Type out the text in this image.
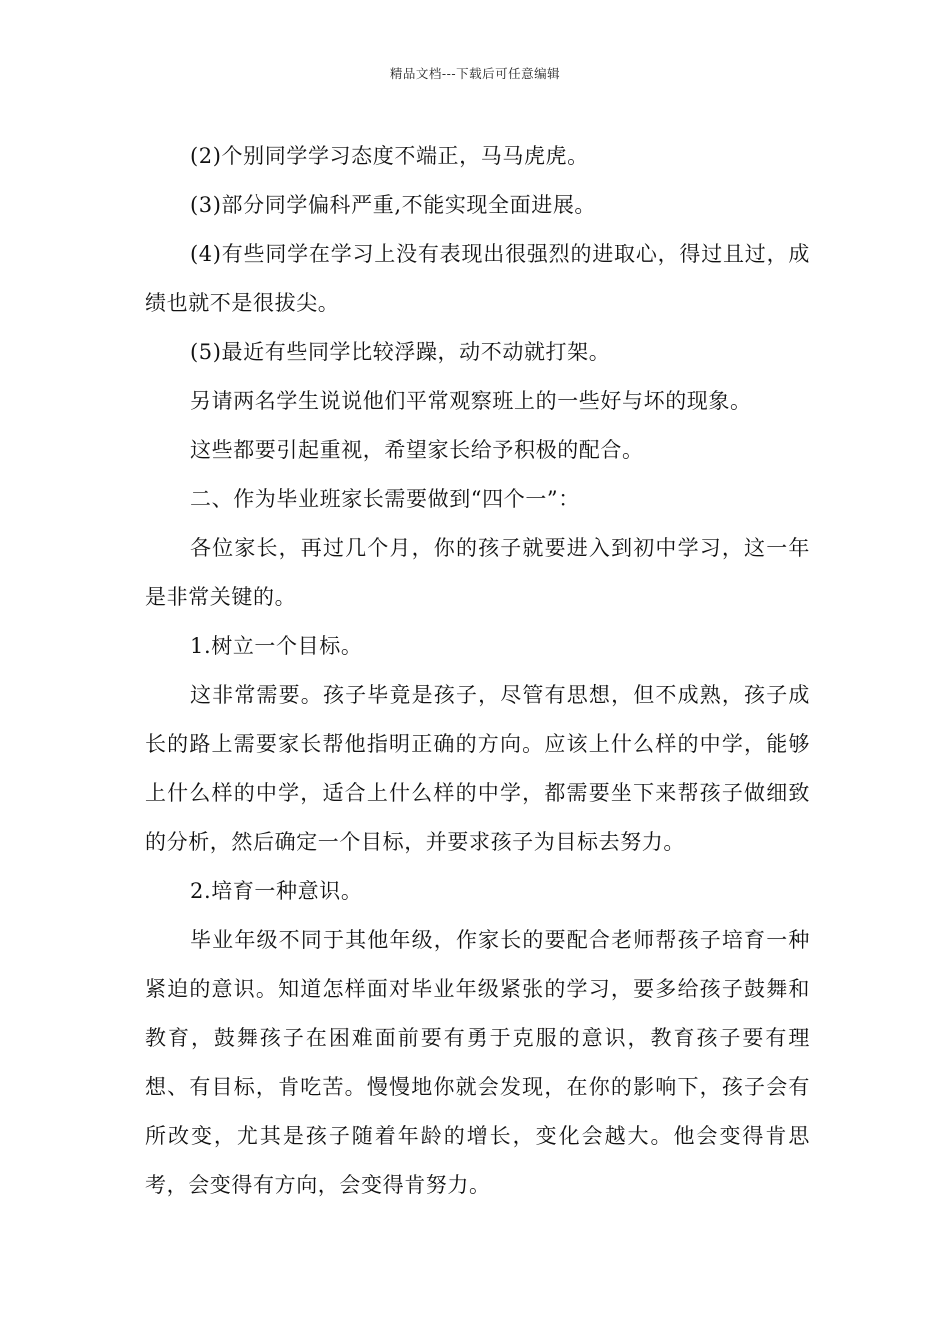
精品文档---下载后可任意编辑

(2)个别同学学习态度不端正，马马虎虎。

(3)部分同学偏科严重,不能实现全面进展。

(4)有些同学在学习上没有表现出很强烈的进取心，得过且过，成绩也就不是很拔尖。

(5)最近有些同学比较浮躁，动不动就打架。

另请两名学生说说他们平常观察班上的一些好与坏的现象。

这些都要引起重视，希望家长给予积极的配合。

二、作为毕业班家长需要做到“四个一”：

各位家长，再过几个月，你的孩子就要进入到初中学习，这一年是非常关键的。

1.树立一个目标。

这非常需要。孩子毕竟是孩子，尽管有思想，但不成熟，孩子成长的路上需要家长帮他指明正确的方向。应该上什么样的中学，能够上什么样的中学，适合上什么样的中学，都需要坐下来帮孩子做细致的分析，然后确定一个目标，并要求孩子为目标去努力。

2.培育一种意识。

毕业年级不同于其他年级，作家长的要配合老师帮孩子培育一种紧迫的意识。知道怎样面对毕业年级紧张的学习，要多给孩子鼓舞和教育，鼓舞孩子在困难面前要有勇于克服的意识，教育孩子要有理想、有目标，肯吃苦。慢慢地你就会发现，在你的影响下，孩子会有所改变，尤其是孩子随着年龄的增长，变化会越大。他会变得肯思考，会变得有方向，会变得肯努力。
